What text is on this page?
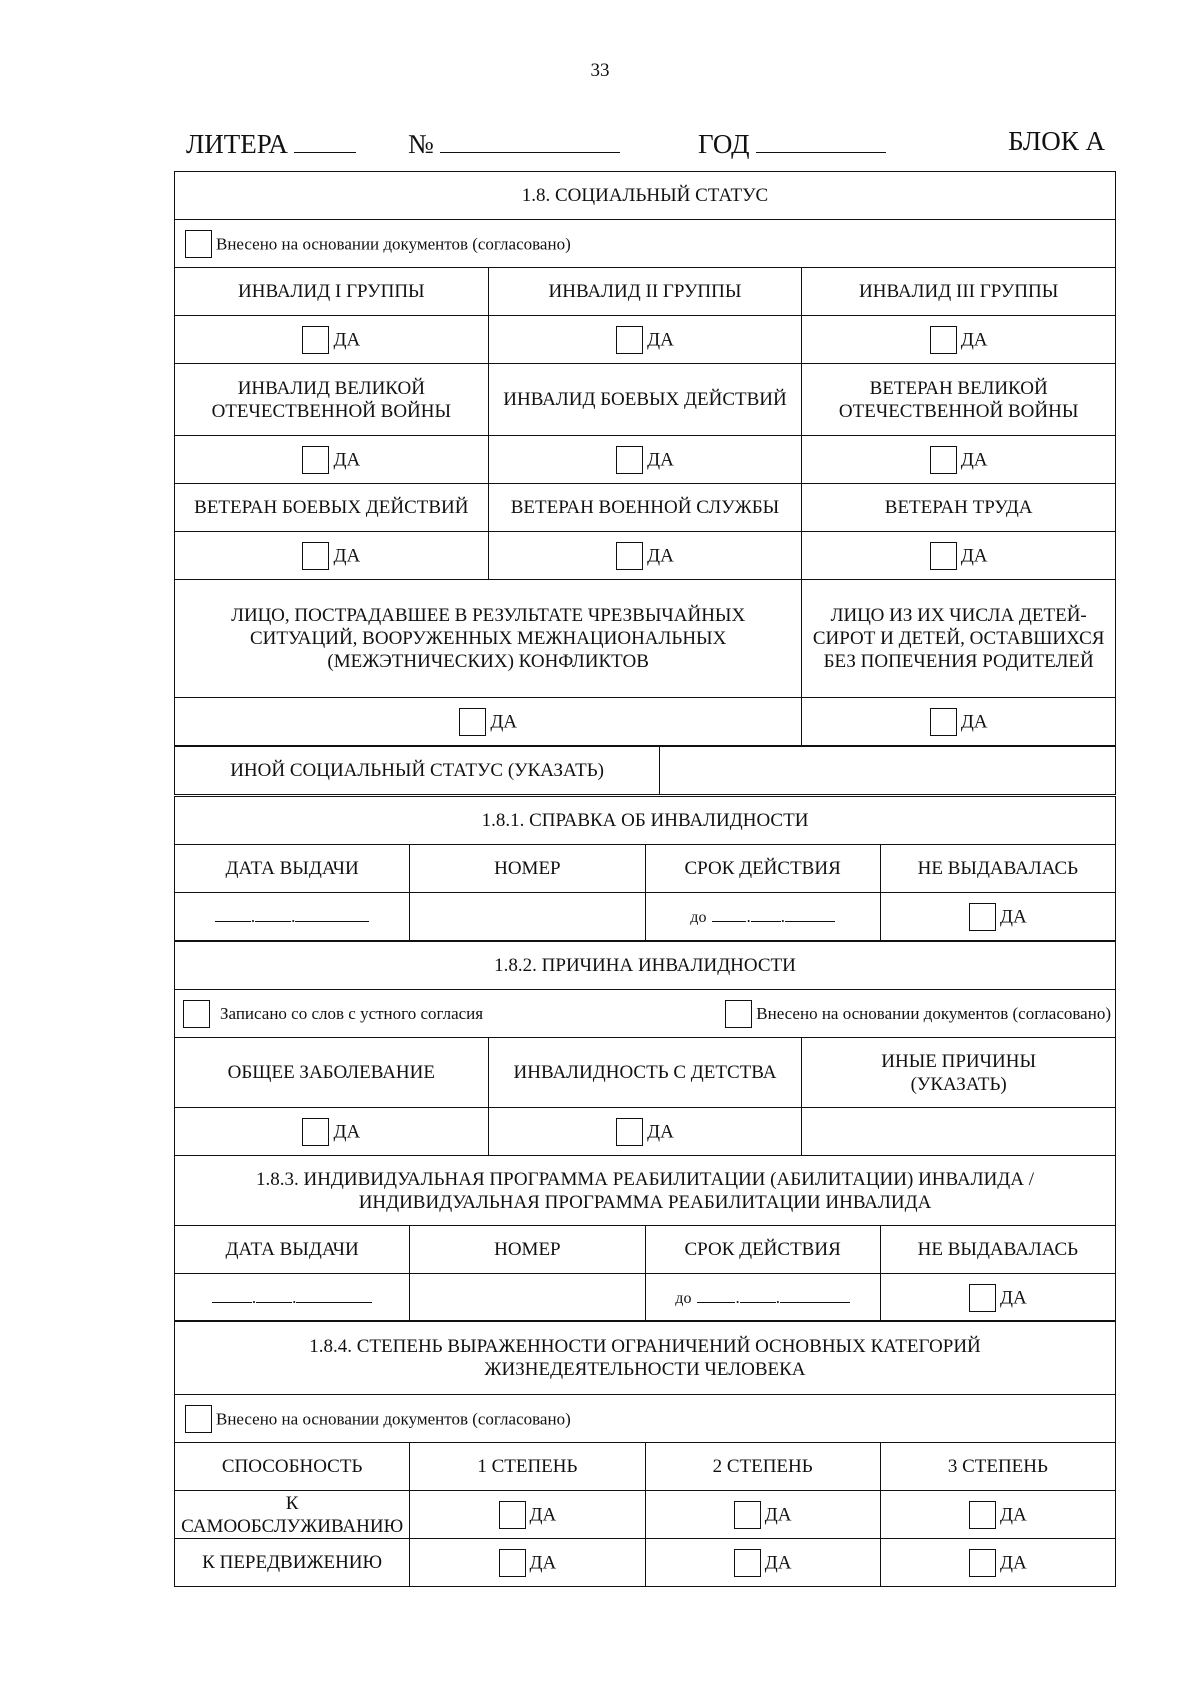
33
ЛИТЕРА	№	ГОД	БЛОК А
1.8. СОЦИАЛЬНЫЙ СТАТУС		
Внесено на основании документов (согласовано)		
ИНВАЛИД I ГРУППЫ	ИНВАЛИД II ГРУППЫ	ИНВАЛИД III ГРУППЫ
ДА	ДА	ДА
ИНВАЛИД ВЕЛИКОЙ ОТЕЧЕСТВЕННОЙ ВОЙНЫ	ИНВАЛИД БОЕВЫХ ДЕЙСТВИЙ	ВЕТЕРАН ВЕЛИКОЙ ОТЕЧЕСТВЕННОЙ ВОЙНЫ
ДА	ДА	ДА
ВЕТЕРАН БОЕВЫХ ДЕЙСТВИЙ	ВЕТЕРАН ВОЕННОЙ СЛУЖБЫ	ВЕТЕРАН ТРУДА
ДА	ДА	ДА
ЛИЦО, ПОСТРАДАВШЕЕ В РЕЗУЛЬТАТЕ ЧРЕЗВЫЧАЙНЫХ СИТУАЦИЙ, ВООРУЖЕННЫХ МЕЖНАЦИОНАЛЬНЫХ (МЕЖЭТНИЧЕСКИХ) КОНФЛИКТОВ		ЛИЦО ИЗ ИХ ЧИСЛА ДЕТЕЙ-СИРОТ И ДЕТЕЙ, ОСТАВШИХСЯ БЕЗ ПОПЕЧЕНИЯ РОДИТЕЛЕЙ
ДА		ДА
ИНОЙ СОЦИАЛЬНЫЙ СТАТУС (УКАЗАТЬ)	
1.8.1. СПРАВКА ОБ ИНВАЛИДНОСТИ			
ДАТА ВЫДАЧИ	НОМЕР	СРОК ДЕЙСТВИЯ	НЕ ВЫДАВАЛАСЬ
. .		до . .	ДА
1.8.2. ПРИЧИНА ИНВАЛИДНОСТИ		

Записано со слов с устного согласия Внесено на основании документов (согласовано)		

ОБЩЕЕ ЗАБОЛЕВАНИЕ	ИНВАЛИДНОСТЬ С ДЕТСТВА	ИНЫЕ ПРИЧИНЫ (УКАЗАТЬ)
ДА	ДА	
1.8.3. ИНДИВИДУАЛЬНАЯ ПРОГРАММА РЕАБИЛИТАЦИИ (АБИЛИТАЦИИ) ИНВАЛИДА / ИНДИВИДУАЛЬНАЯ ПРОГРАММА РЕАБИЛИТАЦИИ ИНВАЛИДА			
ДАТА ВЫДАЧИ	НОМЕР	СРОК ДЕЙСТВИЯ	НЕ ВЫДАВАЛАСЬ
. .		до . .	ДА
1.8.4. СТЕПЕНЬ ВЫРАЖЕННОСТИ ОГРАНИЧЕНИЙ ОСНОВНЫХ КАТЕГОРИЙ ЖИЗНЕДЕЯТЕЛЬНОСТИ ЧЕЛОВЕКА			
Внесено на основании документов (согласовано)			
СПОСОБНОСТЬ	1 СТЕПЕНЬ	2 СТЕПЕНЬ	3 СТЕПЕНЬ
К САМООБСЛУЖИВАНИЮ	ДА	ДА	ДА
К ПЕРЕДВИЖЕНИЮ	ДА	ДА	ДА
